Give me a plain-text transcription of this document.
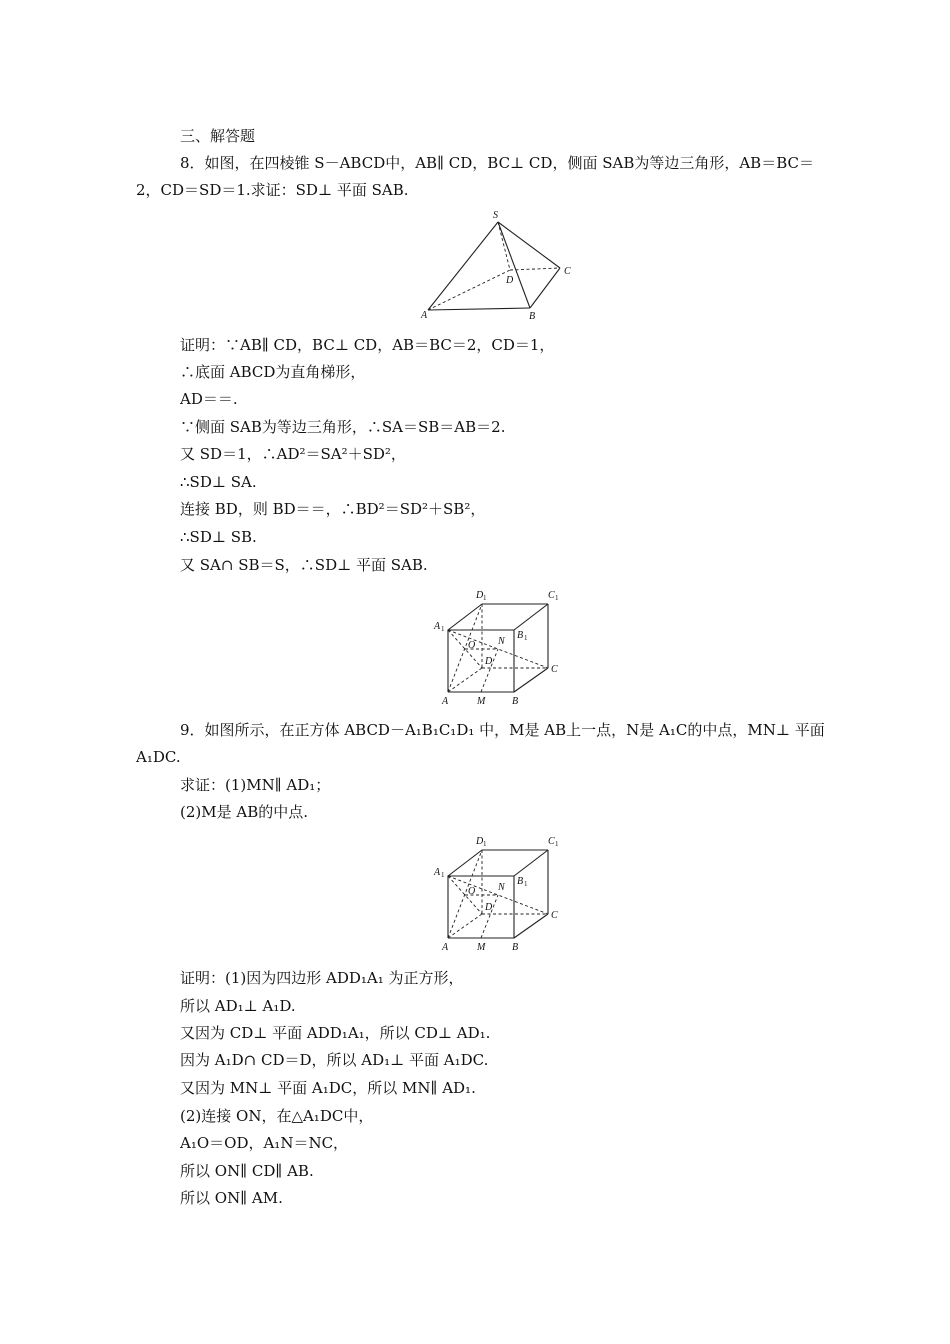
三、解答题
8．如图，在四棱锥 S－ABCD中，AB∥ CD，BC⊥ CD，侧面 SAB为等边三角形，AB＝BC＝
2，CD＝SD＝1.求证：SD⊥ 平面 SAB.
S
A	B
C
D
证明：∵AB∥ CD，BC⊥ CD，AB＝BC＝2，CD＝1，
∴底面 ABCD为直角梯形，
AD＝＝.
∵侧面 SAB为等边三角形，∴SA＝SB＝AB＝2.
又 SD＝1，∴AD²＝SA²＋SD²，
∴SD⊥ SA.
连接 BD，则 BD＝＝，∴BD²＝SD²＋SB²，
∴SD⊥ SB.
又 SA∩ SB＝S，∴SD⊥ 平面 SAB.
A	M	B
C
D
O N
A 1
B 1
C 1
D 1
9．如图所示，在正方体 ABCD－A₁B₁C₁D₁ 中，M是 AB上一点，N是 A₁C的中点，MN⊥ 平面
A₁DC.
求证：(1)MN∥ AD₁；
(2)M是 AB的中点.
A	M	B
C
D
O N
A 1
B 1
C 1
D 1
证明：(1)因为四边形 ADD₁A₁ 为正方形，
所以 AD₁⊥ A₁D.
又因为 CD⊥ 平面 ADD₁A₁，所以 CD⊥ AD₁.
因为 A₁D∩ CD＝D，所以 AD₁⊥ 平面 A₁DC.
又因为 MN⊥ 平面 A₁DC，所以 MN∥ AD₁.
(2)连接 ON，在△A₁DC中，
A₁O＝OD，A₁N＝NC，
所以 ON∥ CD∥ AB.
所以 ON∥ AM.
